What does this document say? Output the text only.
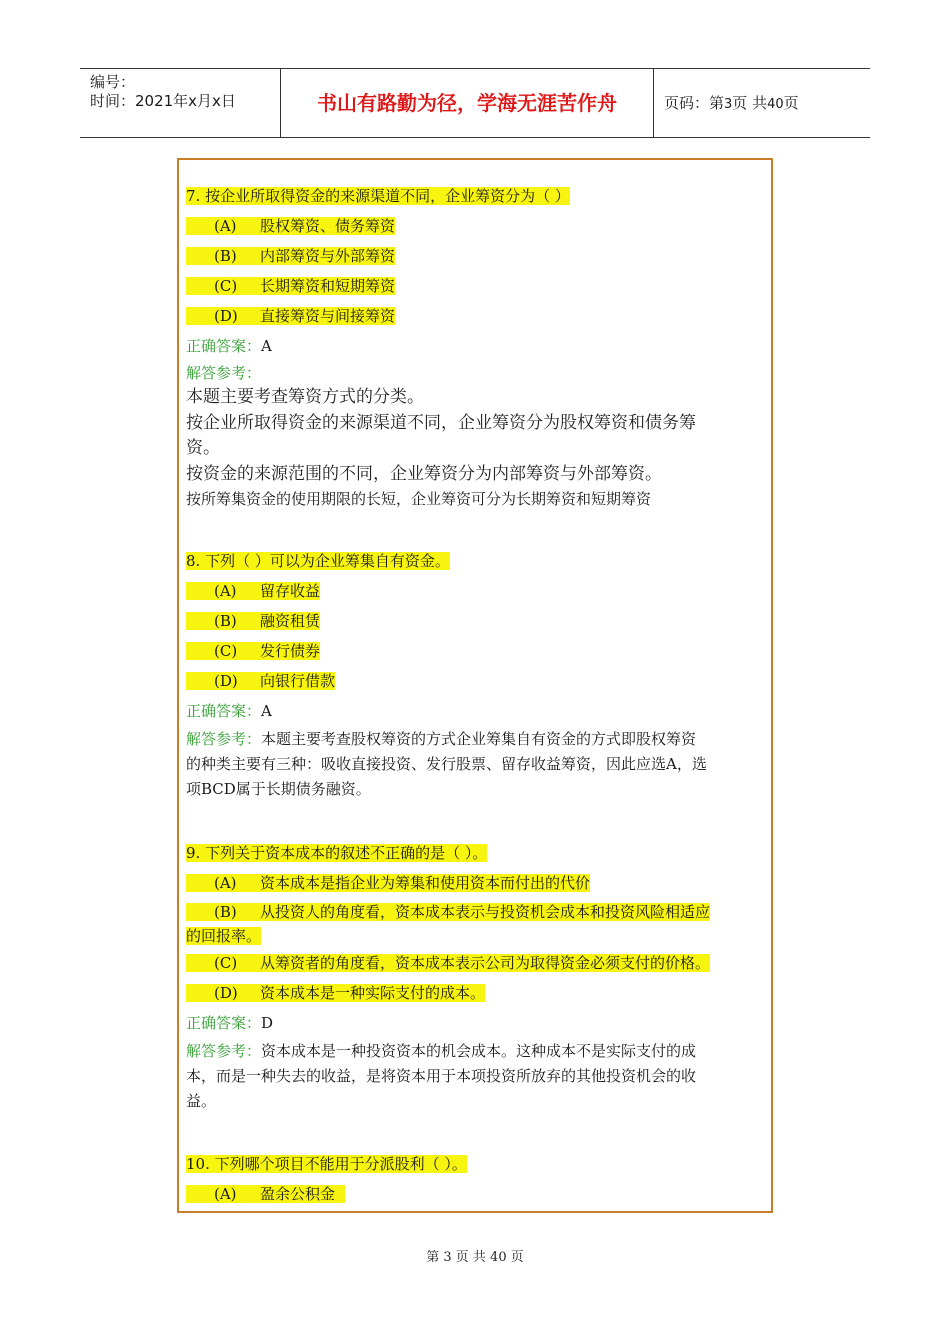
编号：
时间：2021年x月x日	书山有路勤为径，学海无涯苦作舟	页码：第3页 共40页
7. 按企业所取得资金的来源渠道不同，企业筹资分为（ ）
(A) 股权筹资、债务筹资
(B) 内部筹资与外部筹资
(C) 长期筹资和短期筹资
(D) 直接筹资与间接筹资
正确答案：A
解答参考：
本题主要考查筹资方式的分类。
按企业所取得资金的来源渠道不同，企业筹资分为股权筹资和债务筹
资。
按资金的来源范围的不同，企业筹资分为内部筹资与外部筹资。
按所筹集资金的使用期限的长短，企业筹资可分为长期筹资和短期筹资
8. 下列（ ）可以为企业筹集自有资金。
(A) 留存收益
(B) 融资租赁
(C) 发行债券
(D) 向银行借款
正确答案：A
解答参考：本题主要考查股权筹资的方式企业筹集自有资金的方式即股权筹资
的种类主要有三种：吸收直接投资、发行股票、留存收益筹资，因此应选A，选
项BCD属于长期债务融资。
9. 下列关于资本成本的叙述不正确的是（ ）。
(A) 资本成本是指企业为筹集和使用资本而付出的代价
(B) 从投资人的角度看，资本成本表示与投资机会成本和投资风险相适应
的回报率。
(C) 从筹资者的角度看，资本成本表示公司为取得资金必须支付的价格。
(D) 资本成本是一种实际支付的成本。
正确答案：D
解答参考：资本成本是一种投资资本的机会成本。这种成本不是实际支付的成
本，而是一种失去的收益，是将资本用于本项投资所放弃的其他投资机会的收
益。
10. 下列哪个项目不能用于分派股利（ ）。
(A) 盈余公积金
第 3 页 共 40 页
